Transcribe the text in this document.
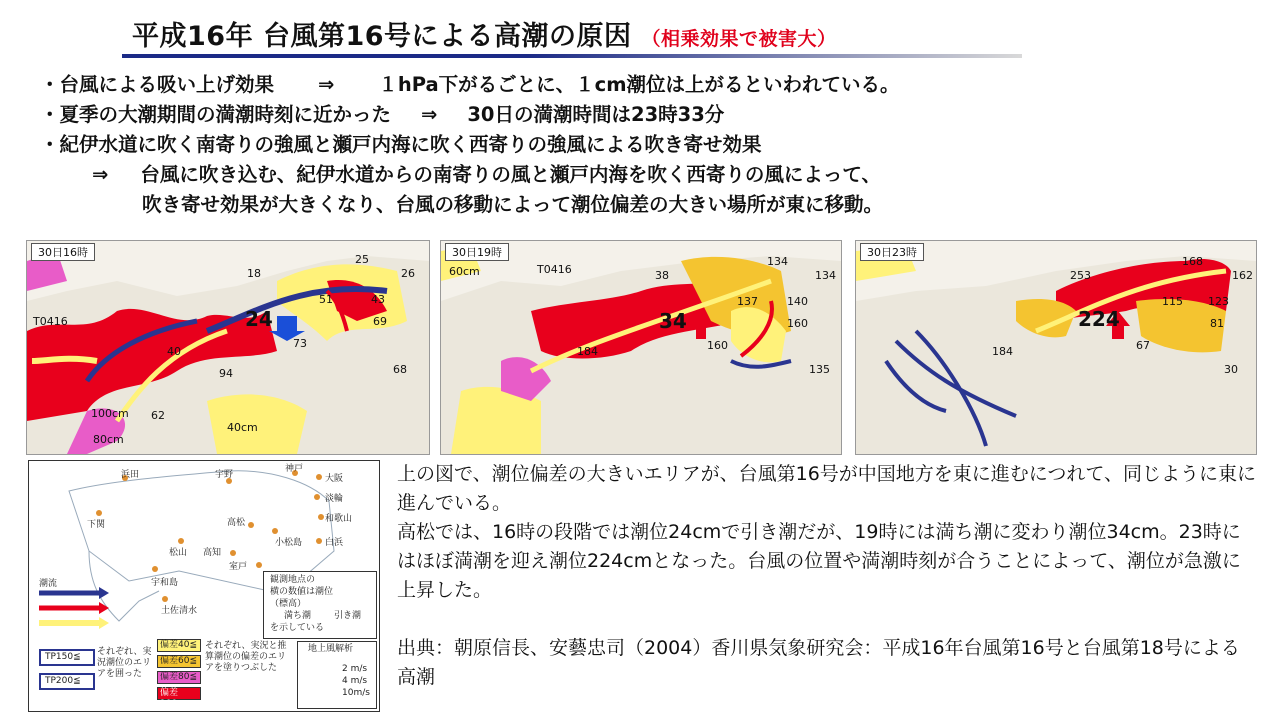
平成16年 台風第16号による高潮の原因 （相乗効果で被害大）
・台風による吸い上げ効果 ⇒ １hPa下がるごとに、１cm潮位は上がるといわれている。
・夏季の大潮期間の満潮時刻に近かった ⇒ 30日の満潮時間は23時33分
・紀伊水道に吹く南寄りの強風と瀬戸内海に吹く西寄りの強風による吹き寄せ効果
⇒ 台風に吹き込む、紀伊水道からの南寄りの風と瀬戸内海を吹く西寄りの風によって、
吹き寄せ効果が大きくなり、台風の移動によって潮位偏差の大きい場所が東に移動。
30日16時
24
T0416
18
25
26
51	43
69
73
40
94
62
68
100cm
80cm
40cm
30日19時
34
T0416
60cm	38
134
134
137	140
160
160
184
135
30日23時
224
253
168
162
115 123
81
67
184
30
浜田	宇野
神戸
大阪
淡輪
和歌山
白浜
下関	高松
小松島
松山 高知
室戸
宇和島
土佐清水
潮流	観測地点の
横の数値は潮位
（標高）
満ち潮	引き潮
を示している
TP150≦
TP200≦
それぞれ、実況潮位のエリアを囲った
偏差40≦
偏差60≦
偏差80≦
偏差100≦
それぞれ、実況と推算潮位の偏差のエリアを塗りつぶした
地上風解析
2 m/s
4 m/s
10m/s

上の図で、潮位偏差の大きいエリアが、台風第16号が中国地方を東に進むにつれて、同じように東に進んでいる。

高松では、16時の段階では潮位24cmで引き潮だが、19時には満ち潮に変わり潮位34cm。23時にはほぼ満潮を迎え潮位224cmとなった。台風の位置や満潮時刻が合うことによって、潮位が急激に上昇した。

出典：朝原信長、安藝忠司（2004）香川県気象研究会：平成16年台風第16号と台風第18号による高潮
